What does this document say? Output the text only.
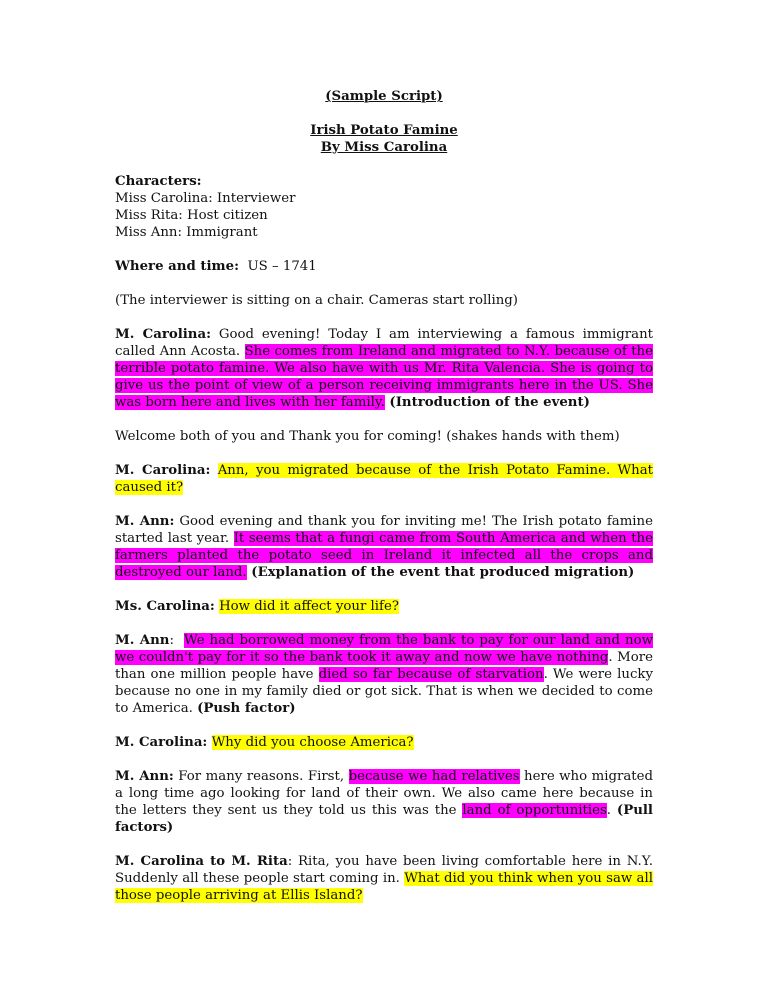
(Sample Script)
Irish Potato Famine
By Miss Carolina

Characters:
Miss Carolina: Interviewer
Miss Rita: Host citizen
Miss Ann: Immigrant

Where and time:  US – 1741

(The interviewer is sitting on a chair. Cameras start rolling)

M. Carolina: Good evening! Today I am interviewing a famous immigrant called Ann Acosta. She comes from Ireland and migrated to N.Y. because of the terrible potato famine. We also have with us Mr. Rita Valencia. She is going to give us the point of view of a person receiving immigrants here in the US. She was born here and lives with her family. (Introduction of the event)

Welcome both of you and Thank you for coming! (shakes hands with them)

M. Carolina: Ann, you migrated because of the Irish Potato Famine. What caused it?

M. Ann: Good evening and thank you for inviting me! The Irish potato famine started last year. It seems that a fungi came from South America and when the farmers planted the potato seed in Ireland it infected all the crops and destroyed our land. (Explanation of the event that produced migration)

Ms. Carolina: How did it affect your life?

M. Ann:  We had borrowed money from the bank to pay for our land and now we couldn't pay for it so the bank took it away and now we have nothing. More than one million people have died so far because of starvation. We were lucky because no one in my family died or got sick. That is when we decided to come to America. (Push factor)

M. Carolina: Why did you choose America?

M. Ann: For many reasons. First, because we had relatives here who migrated a long time ago looking for land of their own. We also came here because in the letters they sent us they told us this was the land of opportunities. (Pull factors)

M. Carolina to M. Rita: Rita, you have been living comfortable here in N.Y. Suddenly all these people start coming in. What did you think when you saw all those people arriving at Ellis Island?
